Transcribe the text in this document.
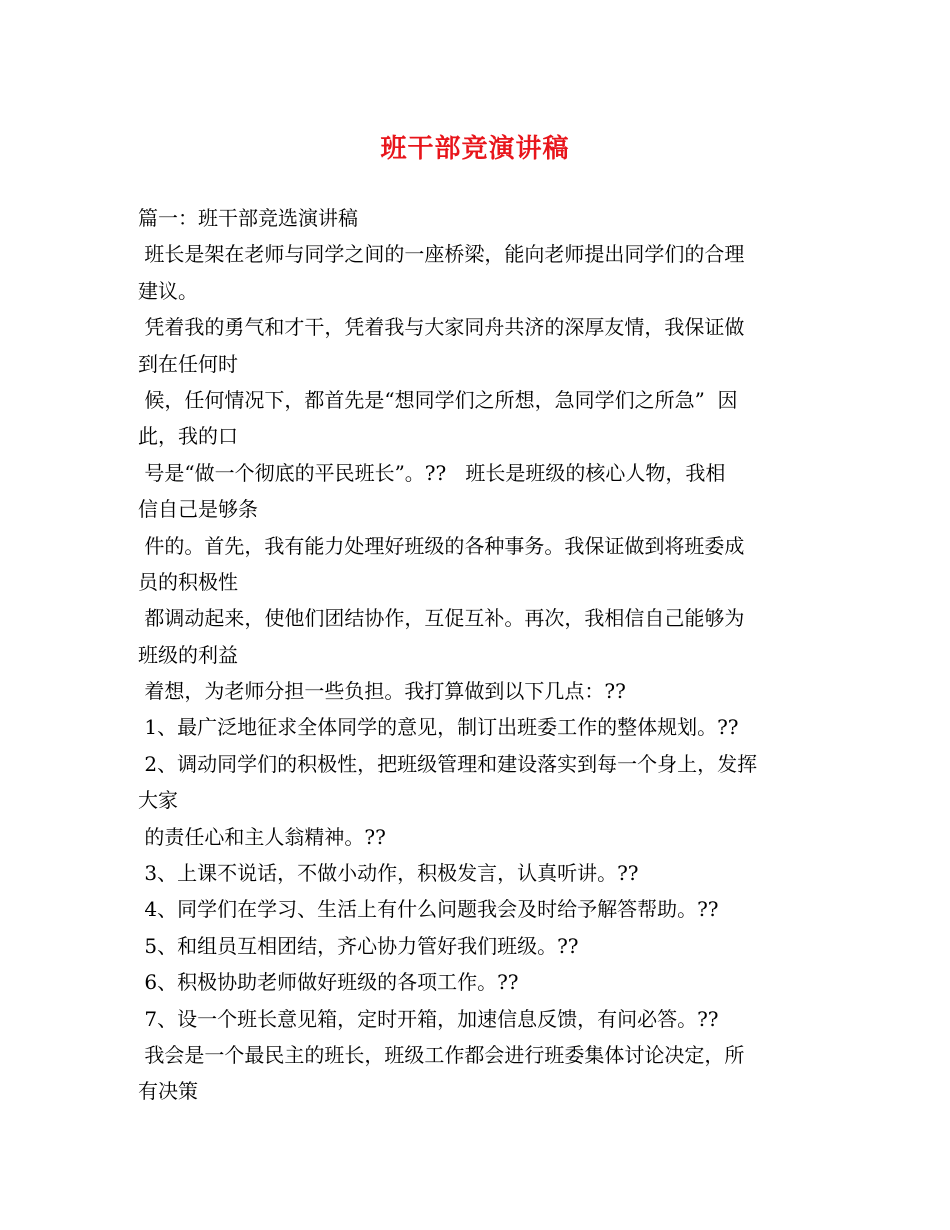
班干部竞演讲稿
篇一：班干部竞选演讲稿
班长是架在老师与同学之间的一座桥梁，能向老师提出同学们的合理
建议。
凭着我的勇气和才干，凭着我与大家同舟共济的深厚友情，我保证做
到在任何时
候，任何情况下，都首先是“想同学们之所想，急同学们之所急”  因
此，我的口
号是“做一个彻底的平民班长”。??   班长是班级的核心人物，我相
信自己是够条
件的。首先，我有能力处理好班级的各种事务。我保证做到将班委成
员的积极性
都调动起来，使他们团结协作，互促互补。再次，我相信自己能够为
班级的利益
着想，为老师分担一些负担。我打算做到以下几点：??
1、最广泛地征求全体同学的意见，制订出班委工作的整体规划。??
2、调动同学们的积极性，把班级管理和建设落实到每一个身上，发挥
大家
的责任心和主人翁精神。??
3、上课不说话，不做小动作，积极发言，认真听讲。??
4、同学们在学习、生活上有什么问题我会及时给予解答帮助。??
5、和组员互相团结，齐心协力管好我们班级。??
6、积极协助老师做好班级的各项工作。??
7、设一个班长意见箱，定时开箱，加速信息反馈，有问必答。??
我会是一个最民主的班长，班级工作都会进行班委集体讨论决定，所
有决策
